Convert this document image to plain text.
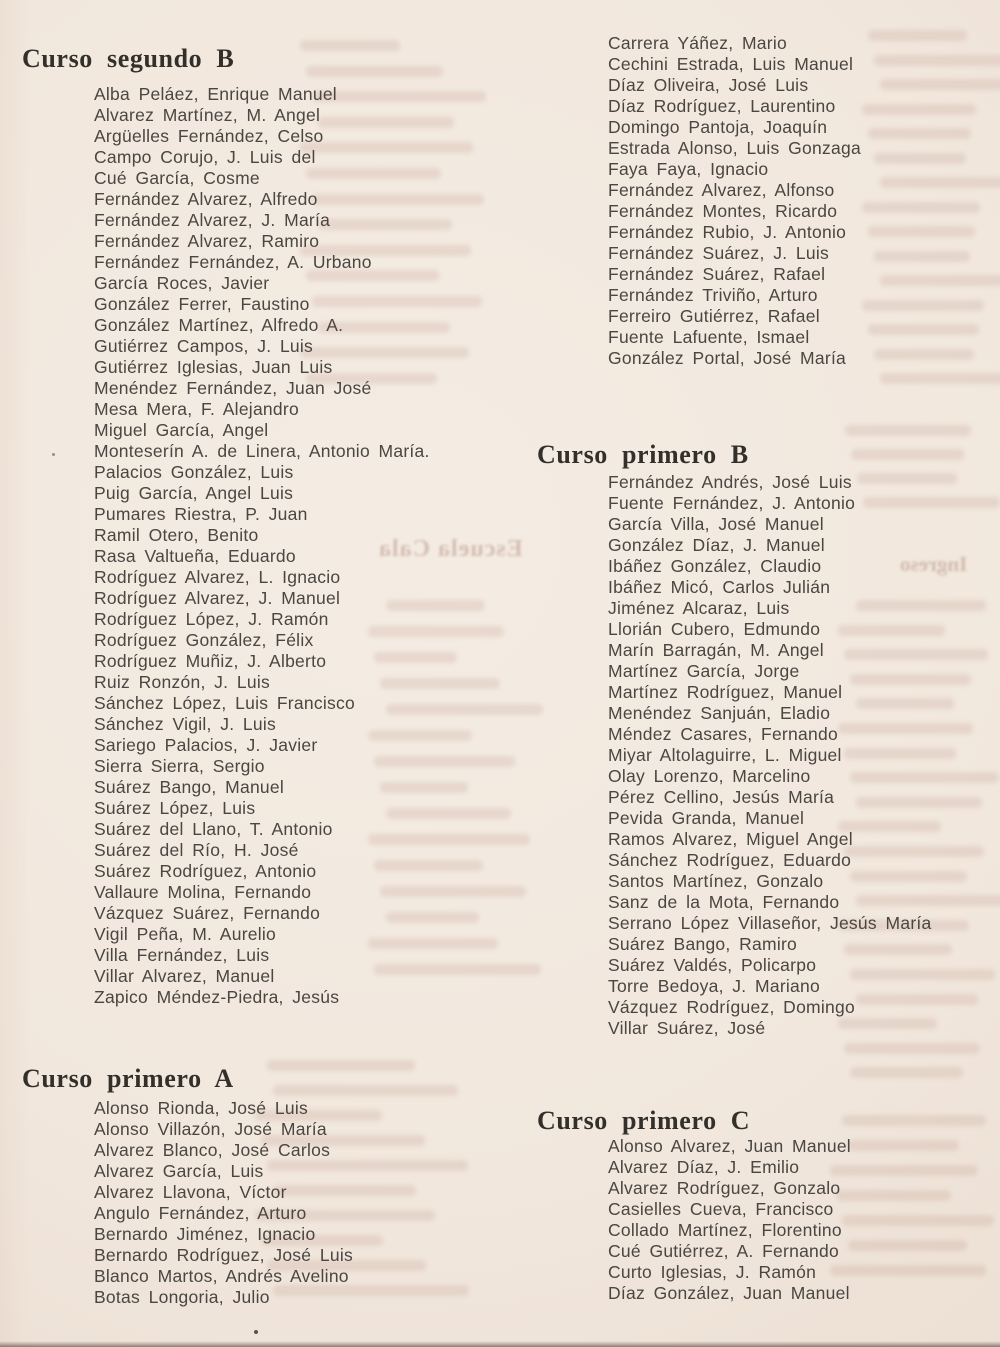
Escuela Cala
Ingreso
Curso segundo B
Alba Peláez, Enrique Manuel
Alvarez Martínez, M. Angel
Argüelles Fernández, Celso
Campo Corujo, J. Luis del
Cué García, Cosme
Fernández Alvarez, Alfredo
Fernández Alvarez, J. María
Fernández Alvarez, Ramiro
Fernández Fernández, A. Urbano
García Roces, Javier
González Ferrer, Faustino
González Martínez, Alfredo A.
Gutiérrez Campos, J. Luis
Gutiérrez Iglesias, Juan Luis
Menéndez Fernández, Juan José
Mesa Mera, F. Alejandro
Miguel García, Angel
Monteserín A. de Linera, Antonio María.
Palacios González, Luis
Puig García, Angel Luis
Pumares Riestra, P. Juan
Ramil Otero, Benito
Rasa Valtueña, Eduardo
Rodríguez Alvarez, L. Ignacio
Rodríguez Alvarez, J. Manuel
Rodríguez López, J. Ramón
Rodríguez González, Félix
Rodríguez Muñiz, J. Alberto
Ruiz Ronzón, J. Luis
Sánchez López, Luis Francisco
Sánchez Vigil, J. Luis
Sariego Palacios, J. Javier
Sierra Sierra, Sergio
Suárez Bango, Manuel
Suárez López, Luis
Suárez del Llano, T. Antonio
Suárez del Río, H. José
Suárez Rodríguez, Antonio
Vallaure Molina, Fernando
Vázquez Suárez, Fernando
Vigil Peña, M. Aurelio
Villa Fernández, Luis
Villar Alvarez, Manuel
Zapico Méndez-Piedra, Jesús
Curso primero A
Alonso Rionda, José Luis
Alonso Villazón, José María
Alvarez Blanco, José Carlos
Alvarez García, Luis
Alvarez Llavona, Víctor
Angulo Fernández, Arturo
Bernardo Jiménez, Ignacio
Bernardo Rodríguez, José Luis
Blanco Martos, Andrés Avelino
Botas Longoria, Julio
Carrera Yáñez, Mario
Cechini Estrada, Luis Manuel
Díaz Oliveira, José Luis
Díaz Rodríguez, Laurentino
Domingo Pantoja, Joaquín
Estrada Alonso, Luis Gonzaga
Faya Faya, Ignacio
Fernández Alvarez, Alfonso
Fernández Montes, Ricardo
Fernández Rubio, J. Antonio
Fernández Suárez, J. Luis
Fernández Suárez, Rafael
Fernández Triviño, Arturo
Ferreiro Gutiérrez, Rafael
Fuente Lafuente, Ismael
González Portal, José María
Curso primero B
Fernández Andrés, José Luis
Fuente Fernández, J. Antonio
García Villa, José Manuel
González Díaz, J. Manuel
Ibáñez González, Claudio
Ibáñez Micó, Carlos Julián
Jiménez Alcaraz, Luis
Llorián Cubero, Edmundo
Marín Barragán, M. Angel
Martínez García, Jorge
Martínez Rodríguez, Manuel
Menéndez Sanjuán, Eladio
Méndez Casares, Fernando
Miyar Altolaguirre, L. Miguel
Olay Lorenzo, Marcelino
Pérez Cellino, Jesús María
Pevida Granda, Manuel
Ramos Alvarez, Miguel Angel
Sánchez Rodríguez, Eduardo
Santos Martínez, Gonzalo
Sanz de la Mota, Fernando
Serrano López Villaseñor, Jesús María
Suárez Bango, Ramiro
Suárez Valdés, Policarpo
Torre Bedoya, J. Mariano
Vázquez Rodríguez, Domingo
Villar Suárez, José
Curso primero C
Alonso Alvarez, Juan Manuel
Alvarez Díaz, J. Emilio
Alvarez Rodríguez, Gonzalo
Casielles Cueva, Francisco
Collado Martínez, Florentino
Cué Gutiérrez, A. Fernando
Curto Iglesias, J. Ramón
Díaz González, Juan Manuel
